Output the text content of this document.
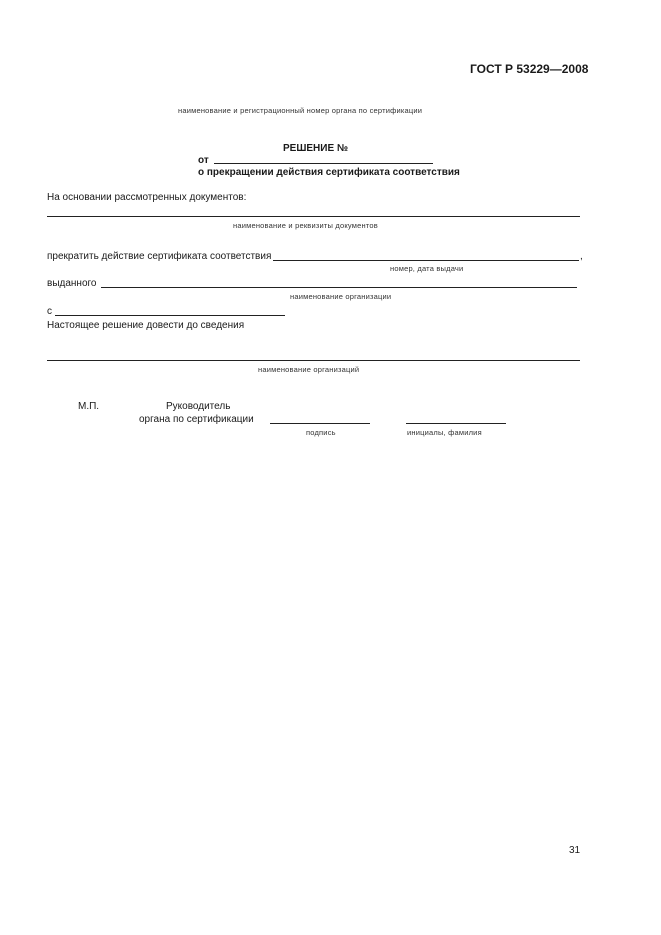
ГОСТ Р 53229—2008
наименование и регистрационный номер органа по сертификации
РЕШЕНИЕ №
от
о прекращении действия сертификата соответствия
На основании рассмотренных документов:
наименование и реквизиты документов
прекратить действие сертификата соответствия	,
номер, дата выдачи
выданного
наименование организации
с
Настоящее решение довести до сведения
наименование организаций
М.П.	Руководитель
органа по сертификации
подпись	инициалы, фамилия
31
